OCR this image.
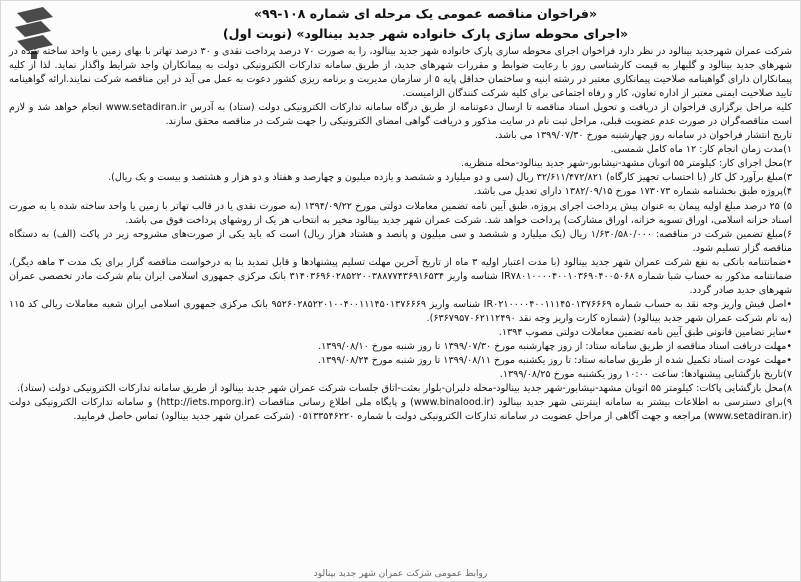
«فراخوان مناقصه عمومی یک مرحله ای شماره ۱۰۸-۹۹»
«اجرای محوطه سازی پارک خانواده شهر جدید بینالود» (نوبت اول)

شرکت عمران شهرجدید بینالود در نظر دارد فراخوان اجرای محوطه سازی پارک خانواده شهر جدید بینالود، را به صورت ۷۰ درصد پرداخت نقدی و ۳۰ درصد تهاتر با بهای زمین یا واحد ساخته شده در شهرهای جدید بینالود و گلبهار به قیمت کارشناسی روز با رعایت ضوابط و مقررات شهرهای جدید، از طریق سامانه تدارکات الکترونیکی دولت به پیمانکاران واجد شرایط واگذار نماید. لذا از کلیه پیمانکاران دارای گواهینامه صلاحیت پیمانکاری معتبر در رشته ابنیه و ساختمان حداقل پایه ۵ از سازمان مدیریت و برنامه ریزی کشور دعوت به عمل می آید در این مناقصه شرکت نمایند.ارائه گواهینامه تایید صلاحیت ایمنی معتبر از اداره تعاون، کار و رفاه اجتماعی برای کلیه شرکت کنندگان الزامیست.

کلیه مراحل برگزاری فراخوان از دریافت و تحویل اسناد مناقصه تا ارسال دعوتنامه از طریق درگاه سامانه تدارکات الکترونیکی دولت (ستاد) به آدرس www.setadiran.ir انجام خواهد شد و لازم است مناقصه‌گران در صورت عدم عضویت قبلی، مراحل ثبت نام در سایت مذکور و دریافت گواهی امضای الکترونیکی را جهت شرکت در مناقصه محقق سازند.

تاریخ انتشار فراخوان در سامانه روز چهارشنبه مورخ ۱۳۹۹/۰۷/۳۰ می باشد.

۱)مدت زمان انجام کار: ۱۲ ماه کامل شمسی.

۲)محل اجرای کار: کیلومتر ۵۵ اتوبان مشهد-نیشابور-شهر جدید بینالود-محله منظریه.

۳)مبلغ برآورد کل کار (با احتساب تجهیز کارگاه) ۳۲/۶۱۱/۴۷۲/۸۲۱ ریال (سی و دو میلیارد و ششصد و یازده میلیون و چهارصد و هفتاد و دو هزار و هشتصد و بیست و یک ریال).

۴)پروژه طبق بخشنامه شماره ۱۷۳۰۷۳ مورخ ۱۳۸۲/۰۹/۱۵ دارای تعدیل می باشد.

۵) ۲۵ درصد مبلغ اولیه پیمان به عنوان پیش پرداخت اجرای پروژه، طبق آیین نامه تضمین معاملات دولتی مورخ ۱۳۹۴/۰۹/۲۲ (به صورت نقدی یا در قالب تهاتر با زمین یا واحد ساخته شده یا به صورت اسناد خزانه اسلامی، اوراق تسویه خزانه، اوراق مشارکت) پرداخت خواهد شد. شرکت عمران شهر جدید بینالود مخیر به انتخاب هر یک از روشهای پرداخت فوق می باشد.

۶)مبلغ تضمین شرکت در مناقصه: ۱/۶۳۰/۵۸۰/۰۰۰ ریال (یک میلیارد و ششصد و سی میلیون و پانصد و هشتاد هزار ریال) است که باید یکی از صورت‌های مشروحه زیر در پاکت (الف) به دستگاه مناقصه گزار تسلیم شود.

•ضمانتنامه بانکی به نفع شرکت عمران شهر جدید بینالود (با مدت اعتبار اولیه ۳ ماه از تاریخ آخرین مهلت تسلیم پیشنهادها و قابل تمدید بنا به درخواست مناقصه گزار برای یک مدت ۳ ماهه دیگر)، ضمانتنامه مذکور به حساب شبا شماره IR۷۸۰۱۰۰۰۰۴۰۰۱۰۳۶۹۰۴۰۰۵۰۶۸ شناسه واریز ۳۱۴۰۳۶۹۶۰۲۸۵۲۲۰۰۳۸۸۷۷۴۳۶۹۱۶۵۳۴ بانک مرکزی جمهوری اسلامی ایران بنام شرکت مادر تخصصی عمران شهرهای جدید صادر گردد.

•اصل فیش واریز وجه نقد به حساب شماره IR۰۲۱۰۰۰۰۴۰۰۱۱۱۴۵۰۱۳۷۶۶۶۹ شناسه واریز ۹۵۲۶۰۲۸۵۲۲۰۱۰۰۴۰۰۱۱۱۴۵۰۱۳۷۶۶۶۹ بانک مرکزی جمهوری اسلامی ایران شعبه معاملات ریالی کد ۱۱۵ (به نام شرکت عمران شهر جدید بینالود) (شماره کارت واریز وجه نقد ۶۳۶۷۹۵۷۰۶۲۱۱۲۴۹۰).

•سایر تضامین قانونی طبق آیین نامه تضمین معاملات دولتی مصوب ۱۳۹۴.

•مهلت دریافت اسناد مناقصه از طریق سامانه ستاد: از روز چهارشنبه مورخ ۱۳۹۹/۰۷/۳۰ تا روز شنبه مورخ ۱۳۹۹/۰۸/۱۰.

•مهلت عودت اسناد تکمیل شده از طریق سامانه ستاد: تا روز یکشنبه مورخ ۱۳۹۹/۰۸/۱۱ تا روز شنبه مورخ ۱۳۹۹/۰۸/۲۴.

۷)تاریخ بازگشایی پیشنهادها: ساعت ۱۰:۰۰ روز یکشنبه مورخ ۱۳۹۹/۰۸/۲۵.

۸)محل بازگشایی پاکات: کیلومتر ۵۵ اتوبان مشهد-نیشابور-شهر جدید بینالود-محله دلبران-بلوار بعثت-اتاق جلسات شرکت عمران شهر جدید بینالود از طریق سامانه تدارکات الکترونیکی دولت (ستاد).

۹)برای دسترسی به اطلاعات بیشتر به سامانه اینترنتی شهر جدید بینالود (www.binalood.ir) و پایگاه ملی اطلاع رسانی مناقصات (http://iets.mporg.ir) و سامانه تدارکات الکترونیکی دولت (www.setadiran.ir) مراجعه و جهت آگاهی از مراحل عضویت در سامانه تدارکات الکترونیکی دولت با شماره ۰۵۱۳۳۵۴۶۲۲۰ (شرکت عمران شهر جدید بینالود) تماس حاصل فرمایید.

روابط عمومی شرکت عمران شهر جدید بینالود
